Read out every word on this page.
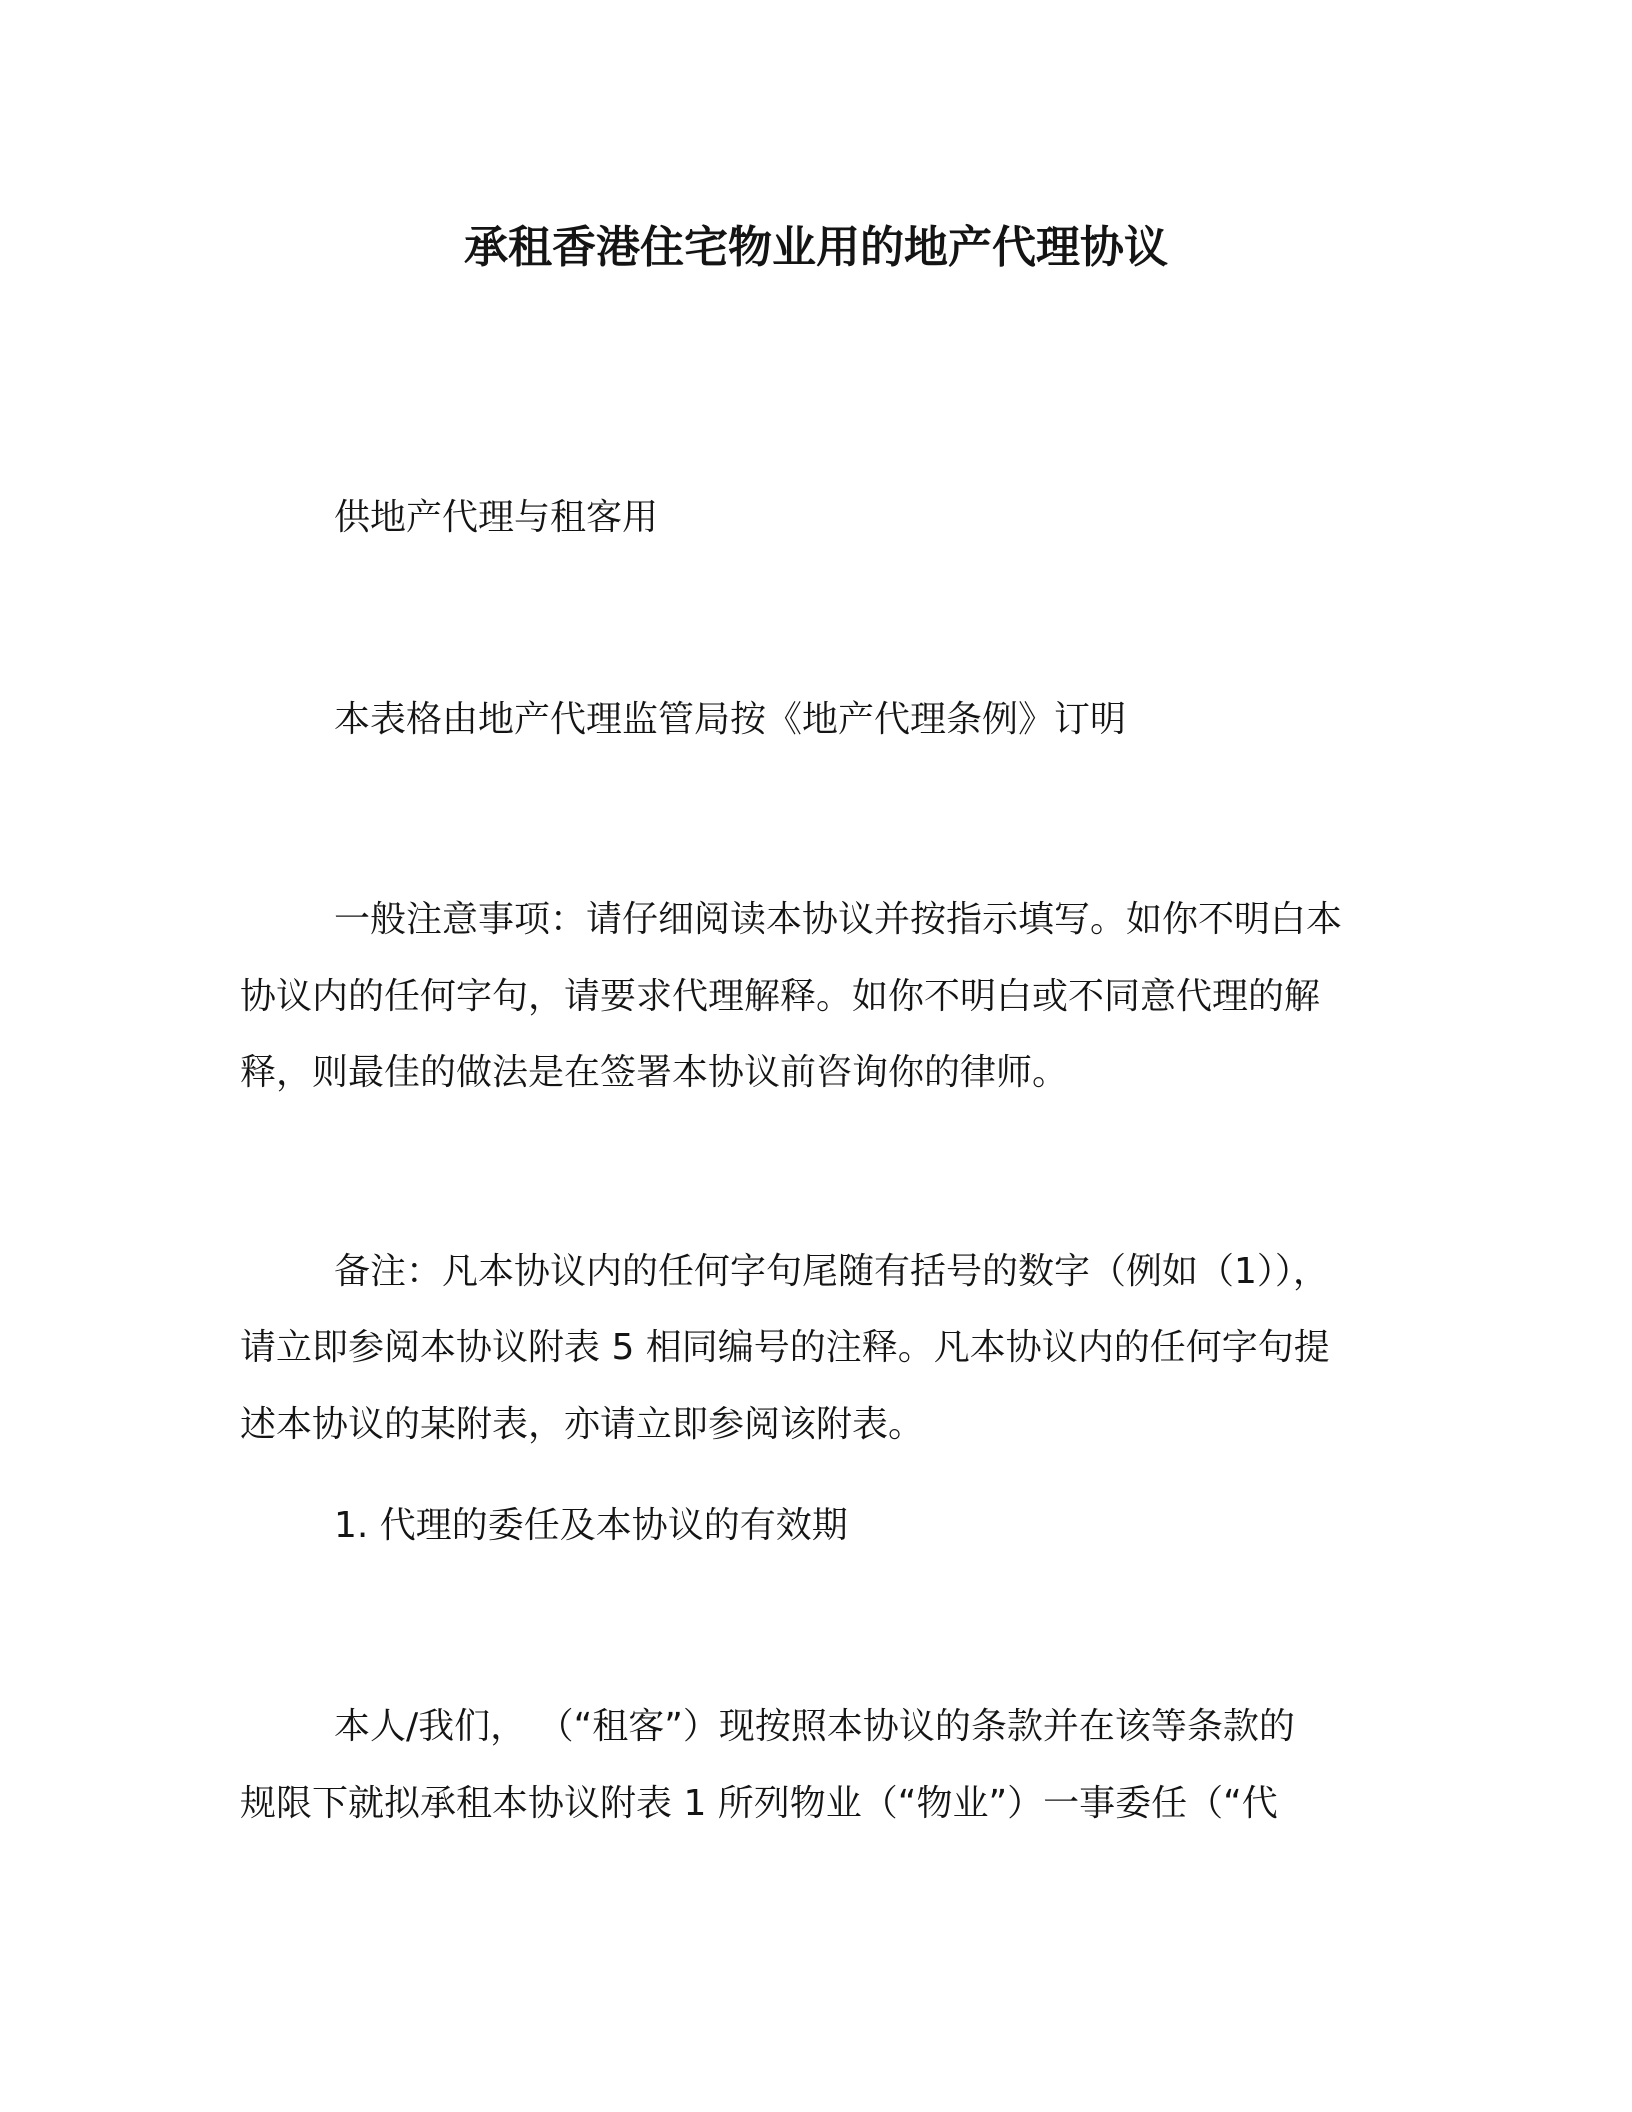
承租香港住宅物业用的地产代理协议
供地产代理与租客用
本表格由地产代理监管局按《地产代理条例》订明
一般注意事项：请仔细阅读本协议并按指示填写。如你不明白本
协议内的任何字句，请要求代理解释。如你不明白或不同意代理的解
释，则最佳的做法是在签署本协议前咨询你的律师。
备注：凡本协议内的任何字句尾随有括号的数字（例如（1）），
请立即参阅本协议附表 5 相同编号的注释。凡本协议内的任何字句提
述本协议的某附表，亦请立即参阅该附表。
1. 代理的委任及本协议的有效期
本人/我们， （“租客”）现按照本协议的条款并在该等条款的
规限下就拟承租本协议附表 1 所列物业（“物业”）一事委任（“代
